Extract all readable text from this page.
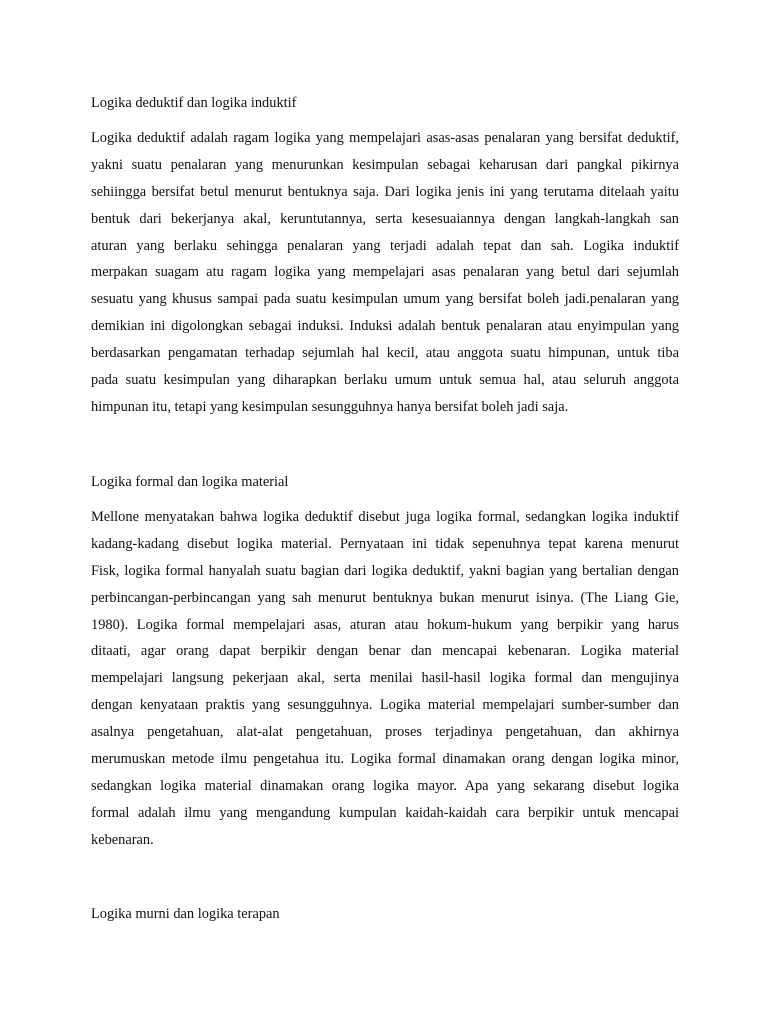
Logika deduktif dan logika induktif
Logika deduktif adalah ragam logika yang mempelajari asas-asas penalaran yang bersifat deduktif,
yakni suatu penalaran yang menurunkan kesimpulan sebagai keharusan dari pangkal pikirnya
sehiingga bersifat betul menurut bentuknya saja. Dari logika jenis ini yang terutama ditelaah yaitu
bentuk dari bekerjanya akal, keruntutannya, serta kesesuaiannya dengan langkah-langkah san
aturan yang berlaku sehingga penalaran yang terjadi adalah tepat dan sah. Logika induktif
merpakan suagam atu ragam logika yang mempelajari asas penalaran yang betul dari sejumlah
sesuatu yang khusus sampai pada suatu kesimpulan umum yang bersifat boleh jadi.penalaran yang
demikian ini digolongkan sebagai induksi. Induksi adalah bentuk penalaran atau enyimpulan yang
berdasarkan pengamatan terhadap sejumlah hal kecil, atau anggota suatu himpunan, untuk tiba
pada suatu kesimpulan yang diharapkan berlaku umum untuk semua hal, atau seluruh anggota
himpunan itu, tetapi yang kesimpulan sesungguhnya hanya bersifat boleh jadi saja.
Logika formal dan logika material
Mellone menyatakan bahwa logika deduktif disebut juga logika formal, sedangkan logika induktif
kadang-kadang disebut logika material. Pernyataan ini tidak sepenuhnya tepat karena menurut
Fisk, logika formal hanyalah suatu bagian dari logika deduktif, yakni bagian yang bertalian dengan
perbincangan-perbincangan yang sah menurut bentuknya bukan menurut isinya. (The Liang Gie,
1980). Logika formal mempelajari asas, aturan atau hokum-hukum yang berpikir yang harus
ditaati, agar orang dapat berpikir dengan benar dan mencapai kebenaran. Logika material
mempelajari langsung pekerjaan akal, serta menilai hasil-hasil logika formal dan mengujinya
dengan kenyataan praktis yang sesungguhnya. Logika material mempelajari sumber-sumber dan
asalnya pengetahuan, alat-alat pengetahuan, proses terjadinya pengetahuan, dan akhirnya
merumuskan metode ilmu pengetahua itu. Logika formal dinamakan orang dengan logika minor,
sedangkan logika material dinamakan orang logika mayor. Apa yang sekarang disebut logika
formal adalah ilmu yang mengandung kumpulan kaidah-kaidah cara berpikir untuk mencapai
kebenaran.
Logika murni dan logika terapan
